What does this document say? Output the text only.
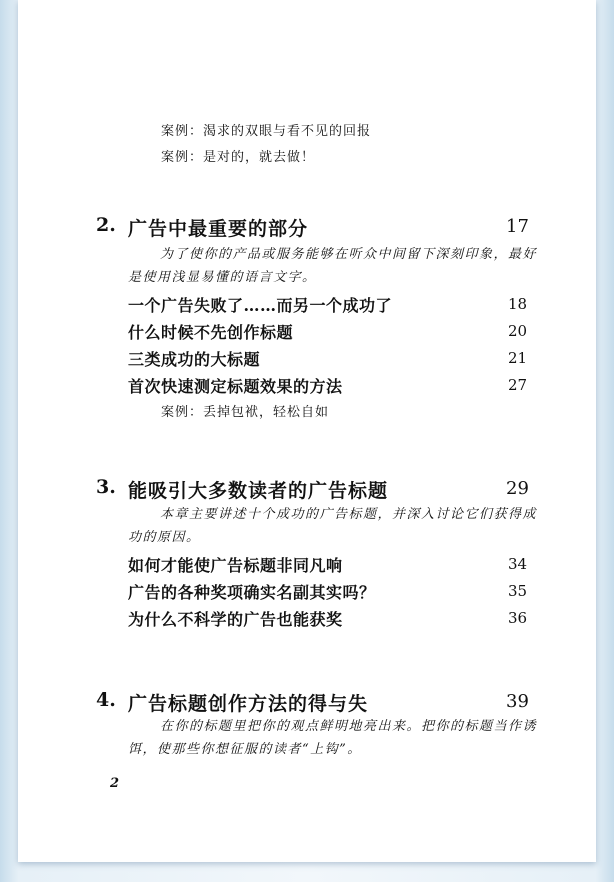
案例：渴求的双眼与看不见的回报
案例：是对的，就去做！
2. 广告中最重要的部分	17
为了使你的产品或服务能够在听众中间留下深刻印象，最好是使用浅显易懂的语言文字。
一个广告失败了……而另一个成功了	18
什么时候不先创作标题	20
三类成功的大标题	21
首次快速测定标题效果的方法	27
案例：丢掉包袱，轻松自如
3. 能吸引大多数读者的广告标题	29
本章主要讲述十个成功的广告标题，并深入讨论它们获得成功的原因。
如何才能使广告标题非同凡响	34
广告的各种奖项确实名副其实吗？	35
为什么不科学的广告也能获奖	36
4. 广告标题创作方法的得与失	39
在你的标题里把你的观点鲜明地亮出来。把你的标题当作诱饵，使那些你想征服的读者“上钩”。
2
